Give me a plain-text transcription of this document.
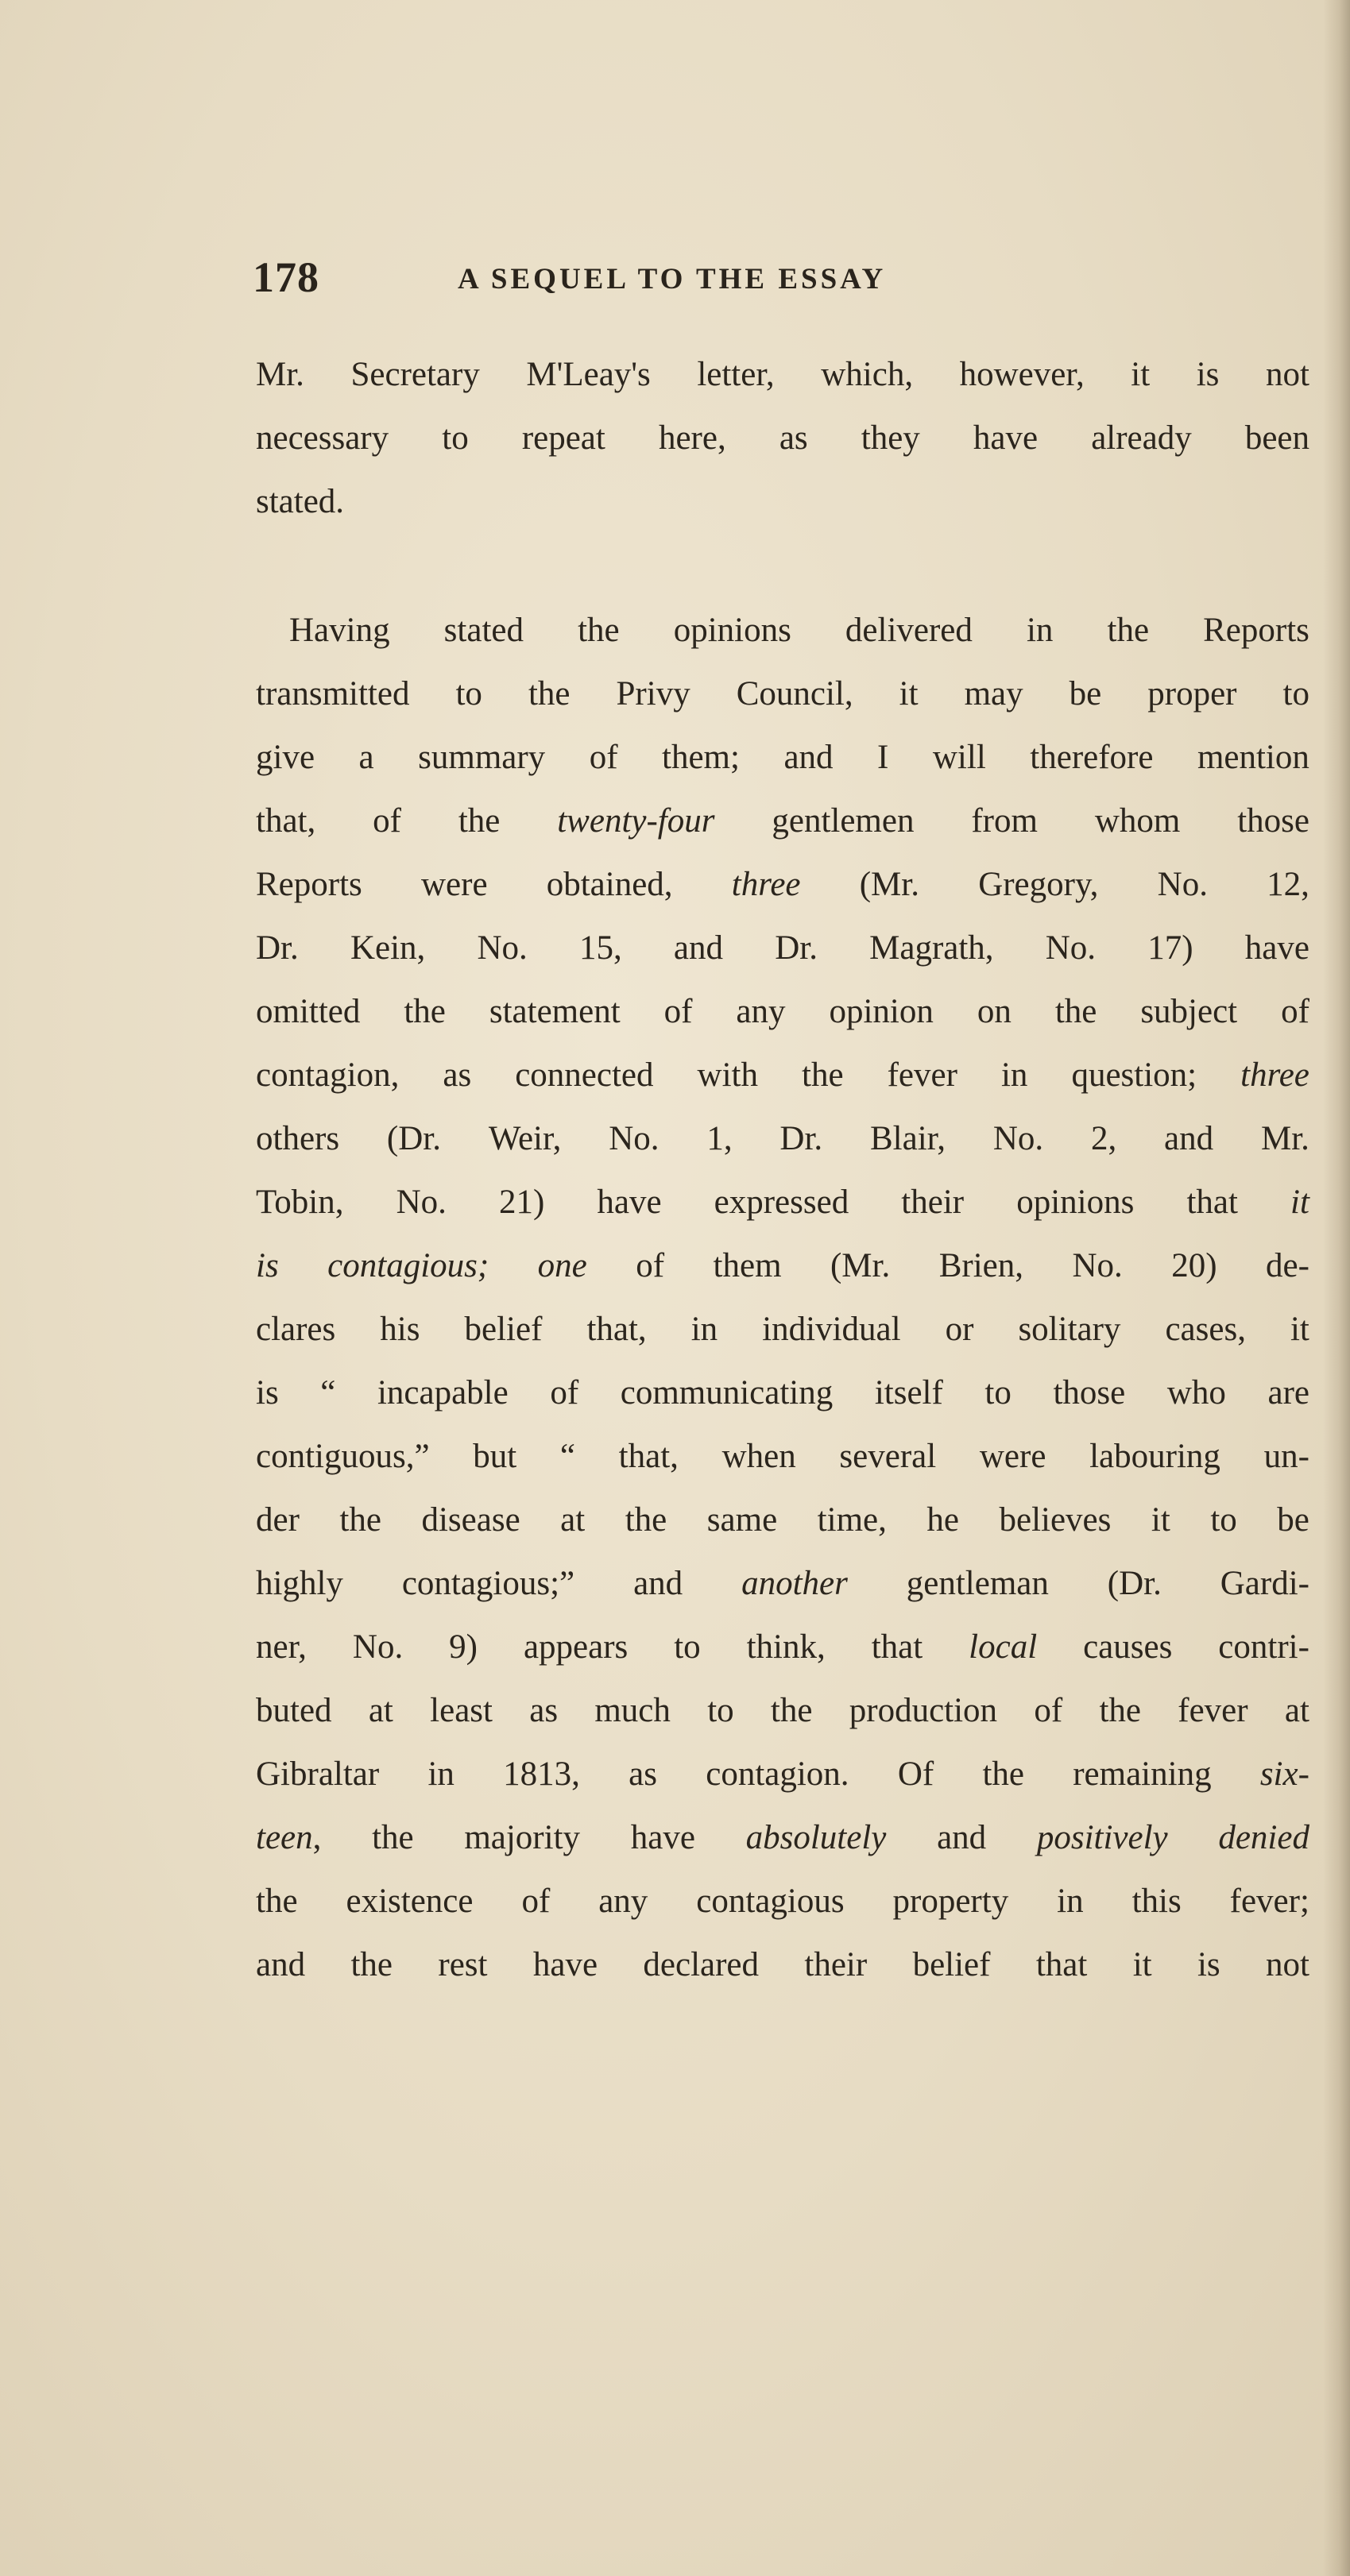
178	A SEQUEL TO THE ESSAY
Mr. Secretary M'Leay's letter, which, however, it is not
necessary to repeat here, as they have already been
stated.
Having stated the opinions delivered in the Reports
transmitted to the Privy Council, it may be proper to
give a summary of them; and I will therefore mention
that, of the twenty-four gentlemen from whom those
Reports were obtained, three (Mr. Gregory, No. 12,
Dr. Kein, No. 15, and Dr. Magrath, No. 17) have
omitted the statement of any opinion on the subject of
contagion, as connected with the fever in question; three
others (Dr. Weir, No. 1, Dr. Blair, No. 2, and Mr.
Tobin, No. 21) have expressed their opinions that it
is contagious; one of them (Mr. Brien, No. 20) de-
clares his belief that, in individual or solitary cases, it
is “ incapable of communicating itself to those who are
contiguous,” but “ that, when several were labouring un-
der the disease at the same time, he believes it to be
highly contagious;” and another gentleman (Dr. Gardi-
ner, No. 9) appears to think, that local causes contri-
buted at least as much to the production of the fever at
Gibraltar in 1813, as contagion. Of the remaining six-
teen, the majority have absolutely and positively denied
the existence of any contagious property in this fever;
and the rest have declared their belief that it is not
